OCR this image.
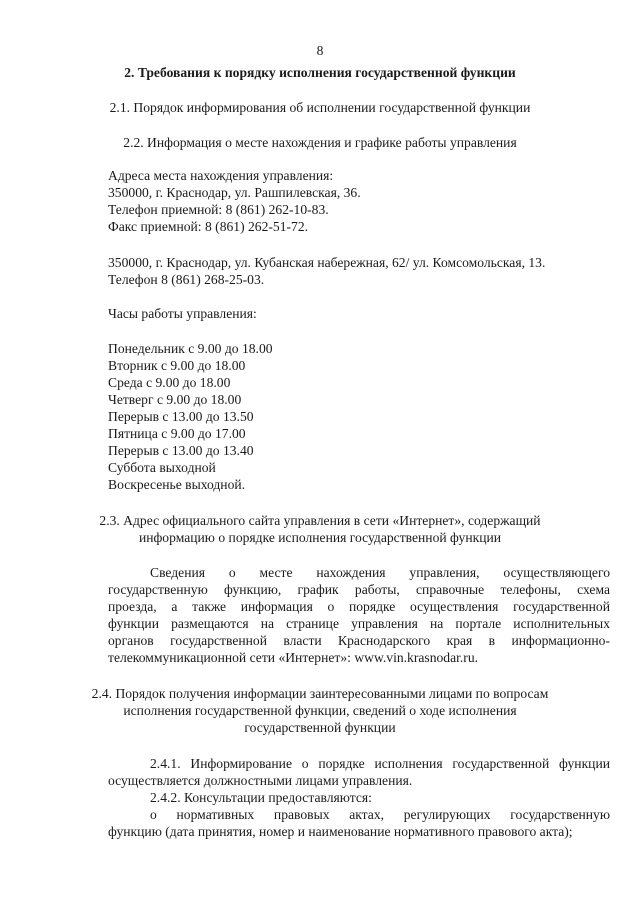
8
2. Требования к порядку исполнения государственной функции
2.1. Порядок информирования об исполнении государственной функции
2.2. Информация о месте нахождения и графике работы управления
Адреса места нахождения управления:
350000, г. Краснодар, ул. Рашпилевская, 36.
Телефон приемной: 8 (861) 262-10-83.
Факс приемной: 8 (861) 262-51-72.
350000, г. Краснодар, ул. Кубанская набережная, 62/ ул. Комсомольская, 13.
Телефон 8 (861) 268-25-03.
Часы работы управления:
Понедельник с 9.00 до 18.00
Вторник с 9.00 до 18.00
Среда с 9.00 до 18.00
Четверг с 9.00 до 18.00
Перерыв с 13.00 до 13.50
Пятница с 9.00 до 17.00
Перерыв с 13.00 до 13.40
Суббота выходной
Воскресенье выходной.
2.3. Адрес официального сайта управления в сети «Интернет», содержащий
информацию о порядке исполнения государственной функции
Сведения о месте нахождения управления, осуществляющего
государственную функцию, график работы, справочные телефоны, схема
проезда, а также информация о порядке осуществления государственной
функции размещаются на странице управления на портале исполнительных
органов государственной власти Краснодарского края в информационно-
телекоммуникационной сети «Интернет»: www.vin.krasnodar.ru.
2.4. Порядок получения информации заинтересованными лицами по вопросам
исполнения государственной функции, сведений о ходе исполнения
государственной функции
2.4.1. Информирование о порядке исполнения государственной функции
осуществляется должностными лицами управления.
2.4.2. Консультации предоставляются:
о нормативных правовых актах, регулирующих государственную
функцию (дата принятия, номер и наименование нормативного правового акта);
